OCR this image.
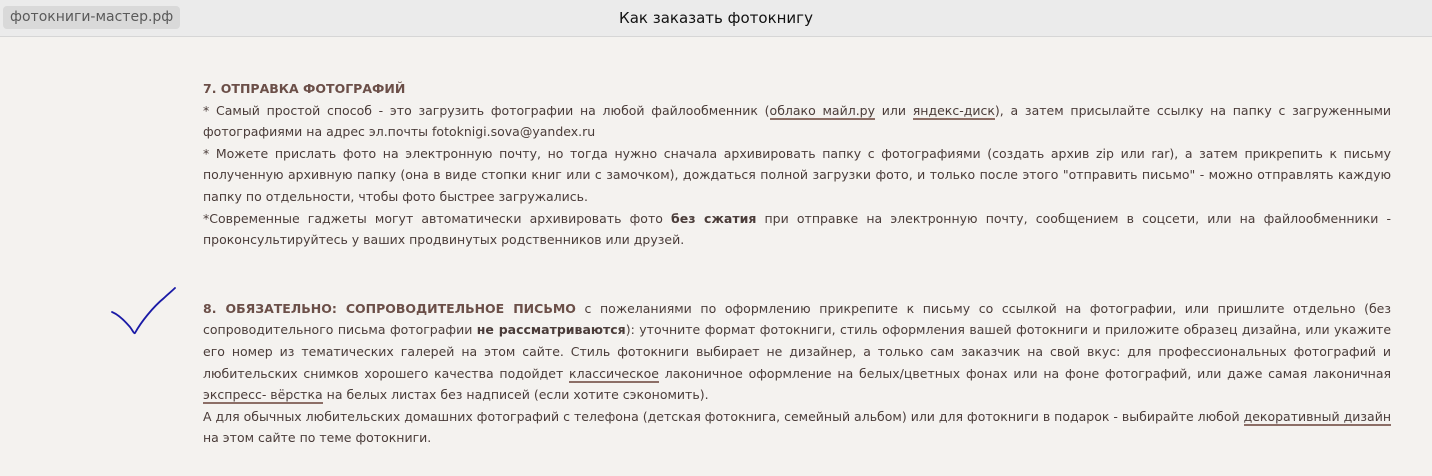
фотокниги-мастер.рф	Как заказать фотокнигу

7. ОТПРАВКА ФОТОГРАФИЙ

* Самый простой способ - это загрузить фотографии на любой файлообменник (облако майл.ру или яндекс-диск), а затем присылайте ссылку на папку с загруженными фотографиями на адрес эл.почты fotoknigi.sova@yandex.ru

* Можете прислать фото на электронную почту, но тогда нужно сначала архивировать папку с фотографиями (создать архив zip или rar), а затем прикрепить к письму полученную архивную папку (она в виде стопки книг или с замочком), дождаться полной загрузки фото, и только после этого "отправить письмо" - можно отправлять каждую папку по отдельности, чтобы фото быстрее загружались.

*Современные гаджеты могут автоматически архивировать фото без сжатия при отправке на электронную почту, сообщением в соцсети, или на файлообменники - проконсультируйтесь у ваших продвинутых родственников или друзей.

8. ОБЯЗАТЕЛЬНО: СОПРОВОДИТЕЛЬНОЕ ПИСЬМО с пожеланиями по оформлению прикрепите к письму со ссылкой на фотографии, или пришлите отдельно (без сопроводительного письма фотографии не рассматриваются): уточните формат фотокниги, стиль оформления вашей фотокниги и приложите образец дизайна, или укажите его номер из тематических галерей на этом сайте. Стиль фотокниги выбирает не дизайнер, а только сам заказчик на свой вкус: для профессиональных фотографий и любительских снимков хорошего качества подойдет классическое лаконичное оформление на белых/цветных фонах или на фоне фотографий, или даже самая лаконичная экспресс- вёрстка на белых листах без надписей (если хотите сэкономить).

А для обычных любительских домашних фотографий с телефона (детская фотокнига, семейный альбом) или для фотокниги в подарок - выбирайте любой декоративный дизайн на этом сайте по теме фотокниги.
